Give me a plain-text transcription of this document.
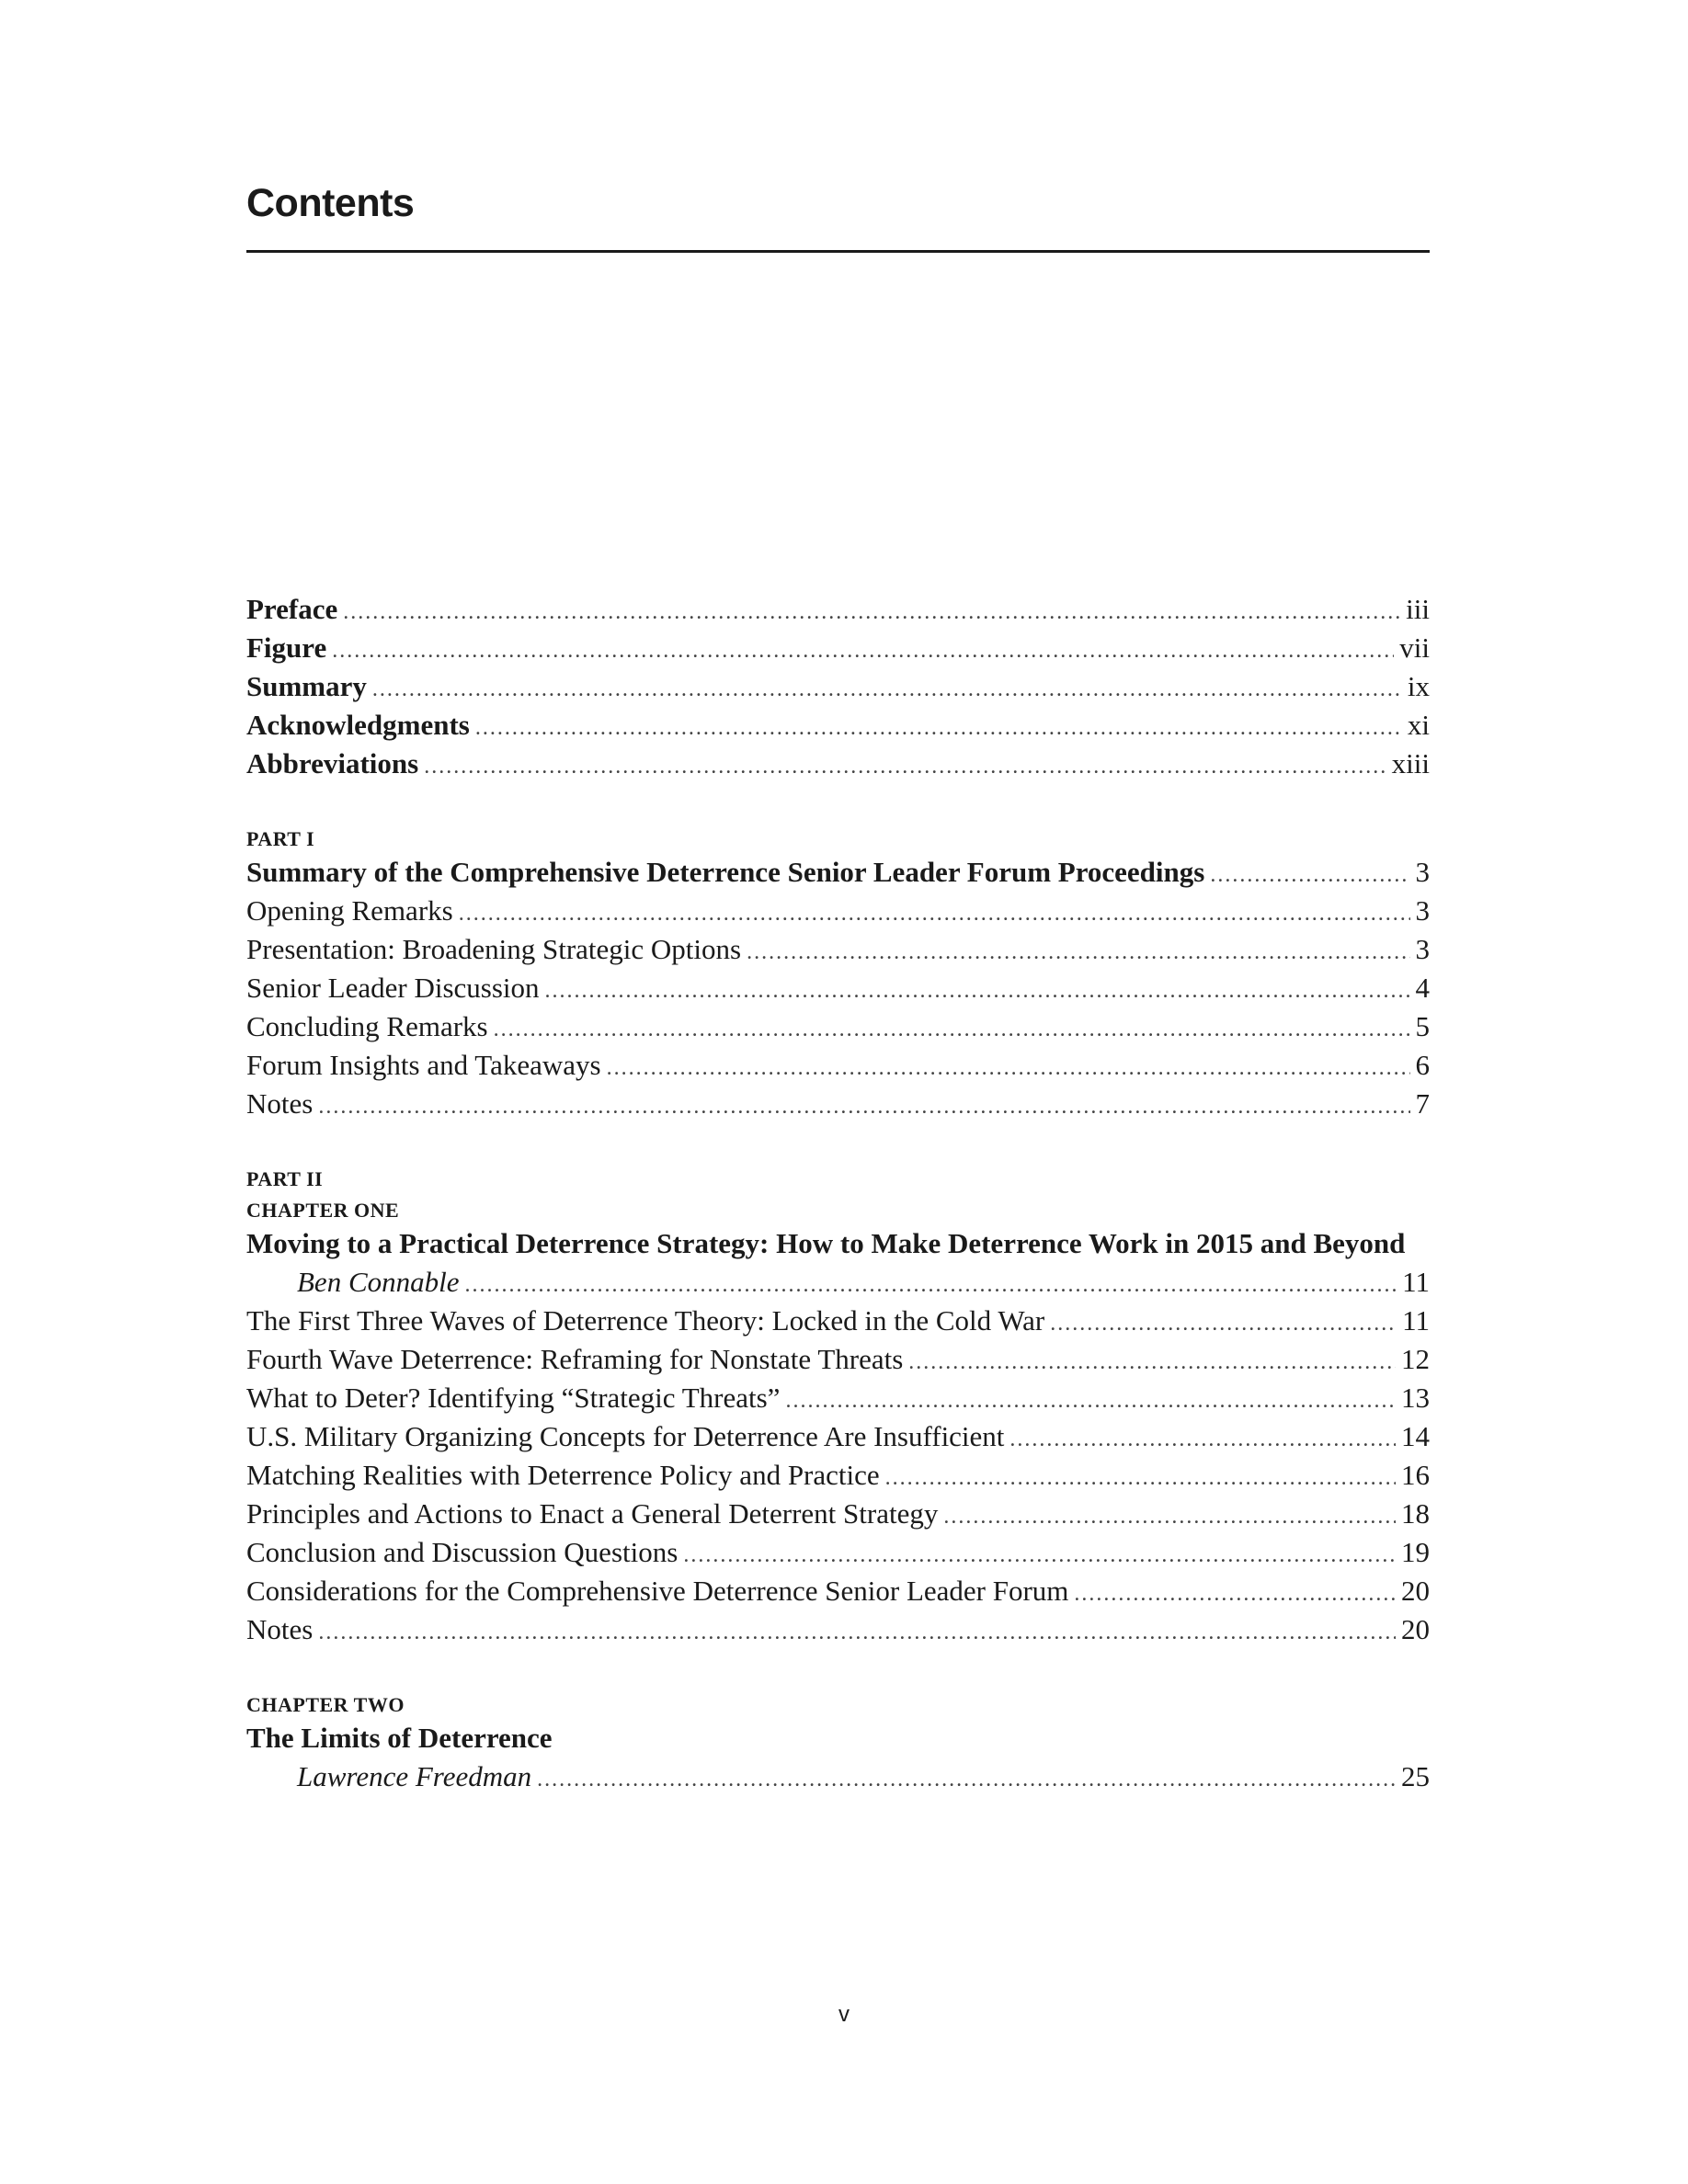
Contents
Preface .....	iii
Figure .....	vii
Summary .....	ix
Acknowledgments .....	xi
Abbreviations .....	xiii
PART I
Summary of the Comprehensive Deterrence Senior Leader Forum Proceedings .....	3
Opening Remarks .....	3
Presentation: Broadening Strategic Options .....	3
Senior Leader Discussion .....	4
Concluding Remarks .....	5
Forum Insights and Takeaways .....	6
Notes .....	7
PART II
CHAPTER ONE
Moving to a Practical Deterrence Strategy: How to Make Deterrence Work in 2015 and Beyond
Ben Connable .....	11
The First Three Waves of Deterrence Theory: Locked in the Cold War .....	11
Fourth Wave Deterrence: Reframing for Nonstate Threats .....	12
What to Deter? Identifying “Strategic Threats” .....	13
U.S. Military Organizing Concepts for Deterrence Are Insufficient .....	14
Matching Realities with Deterrence Policy and Practice .....	16
Principles and Actions to Enact a General Deterrent Strategy .....	18
Conclusion and Discussion Questions .....	19
Considerations for the Comprehensive Deterrence Senior Leader Forum .....	20
Notes .....	20
CHAPTER TWO
The Limits of Deterrence
Lawrence Freedman .....	25
v
